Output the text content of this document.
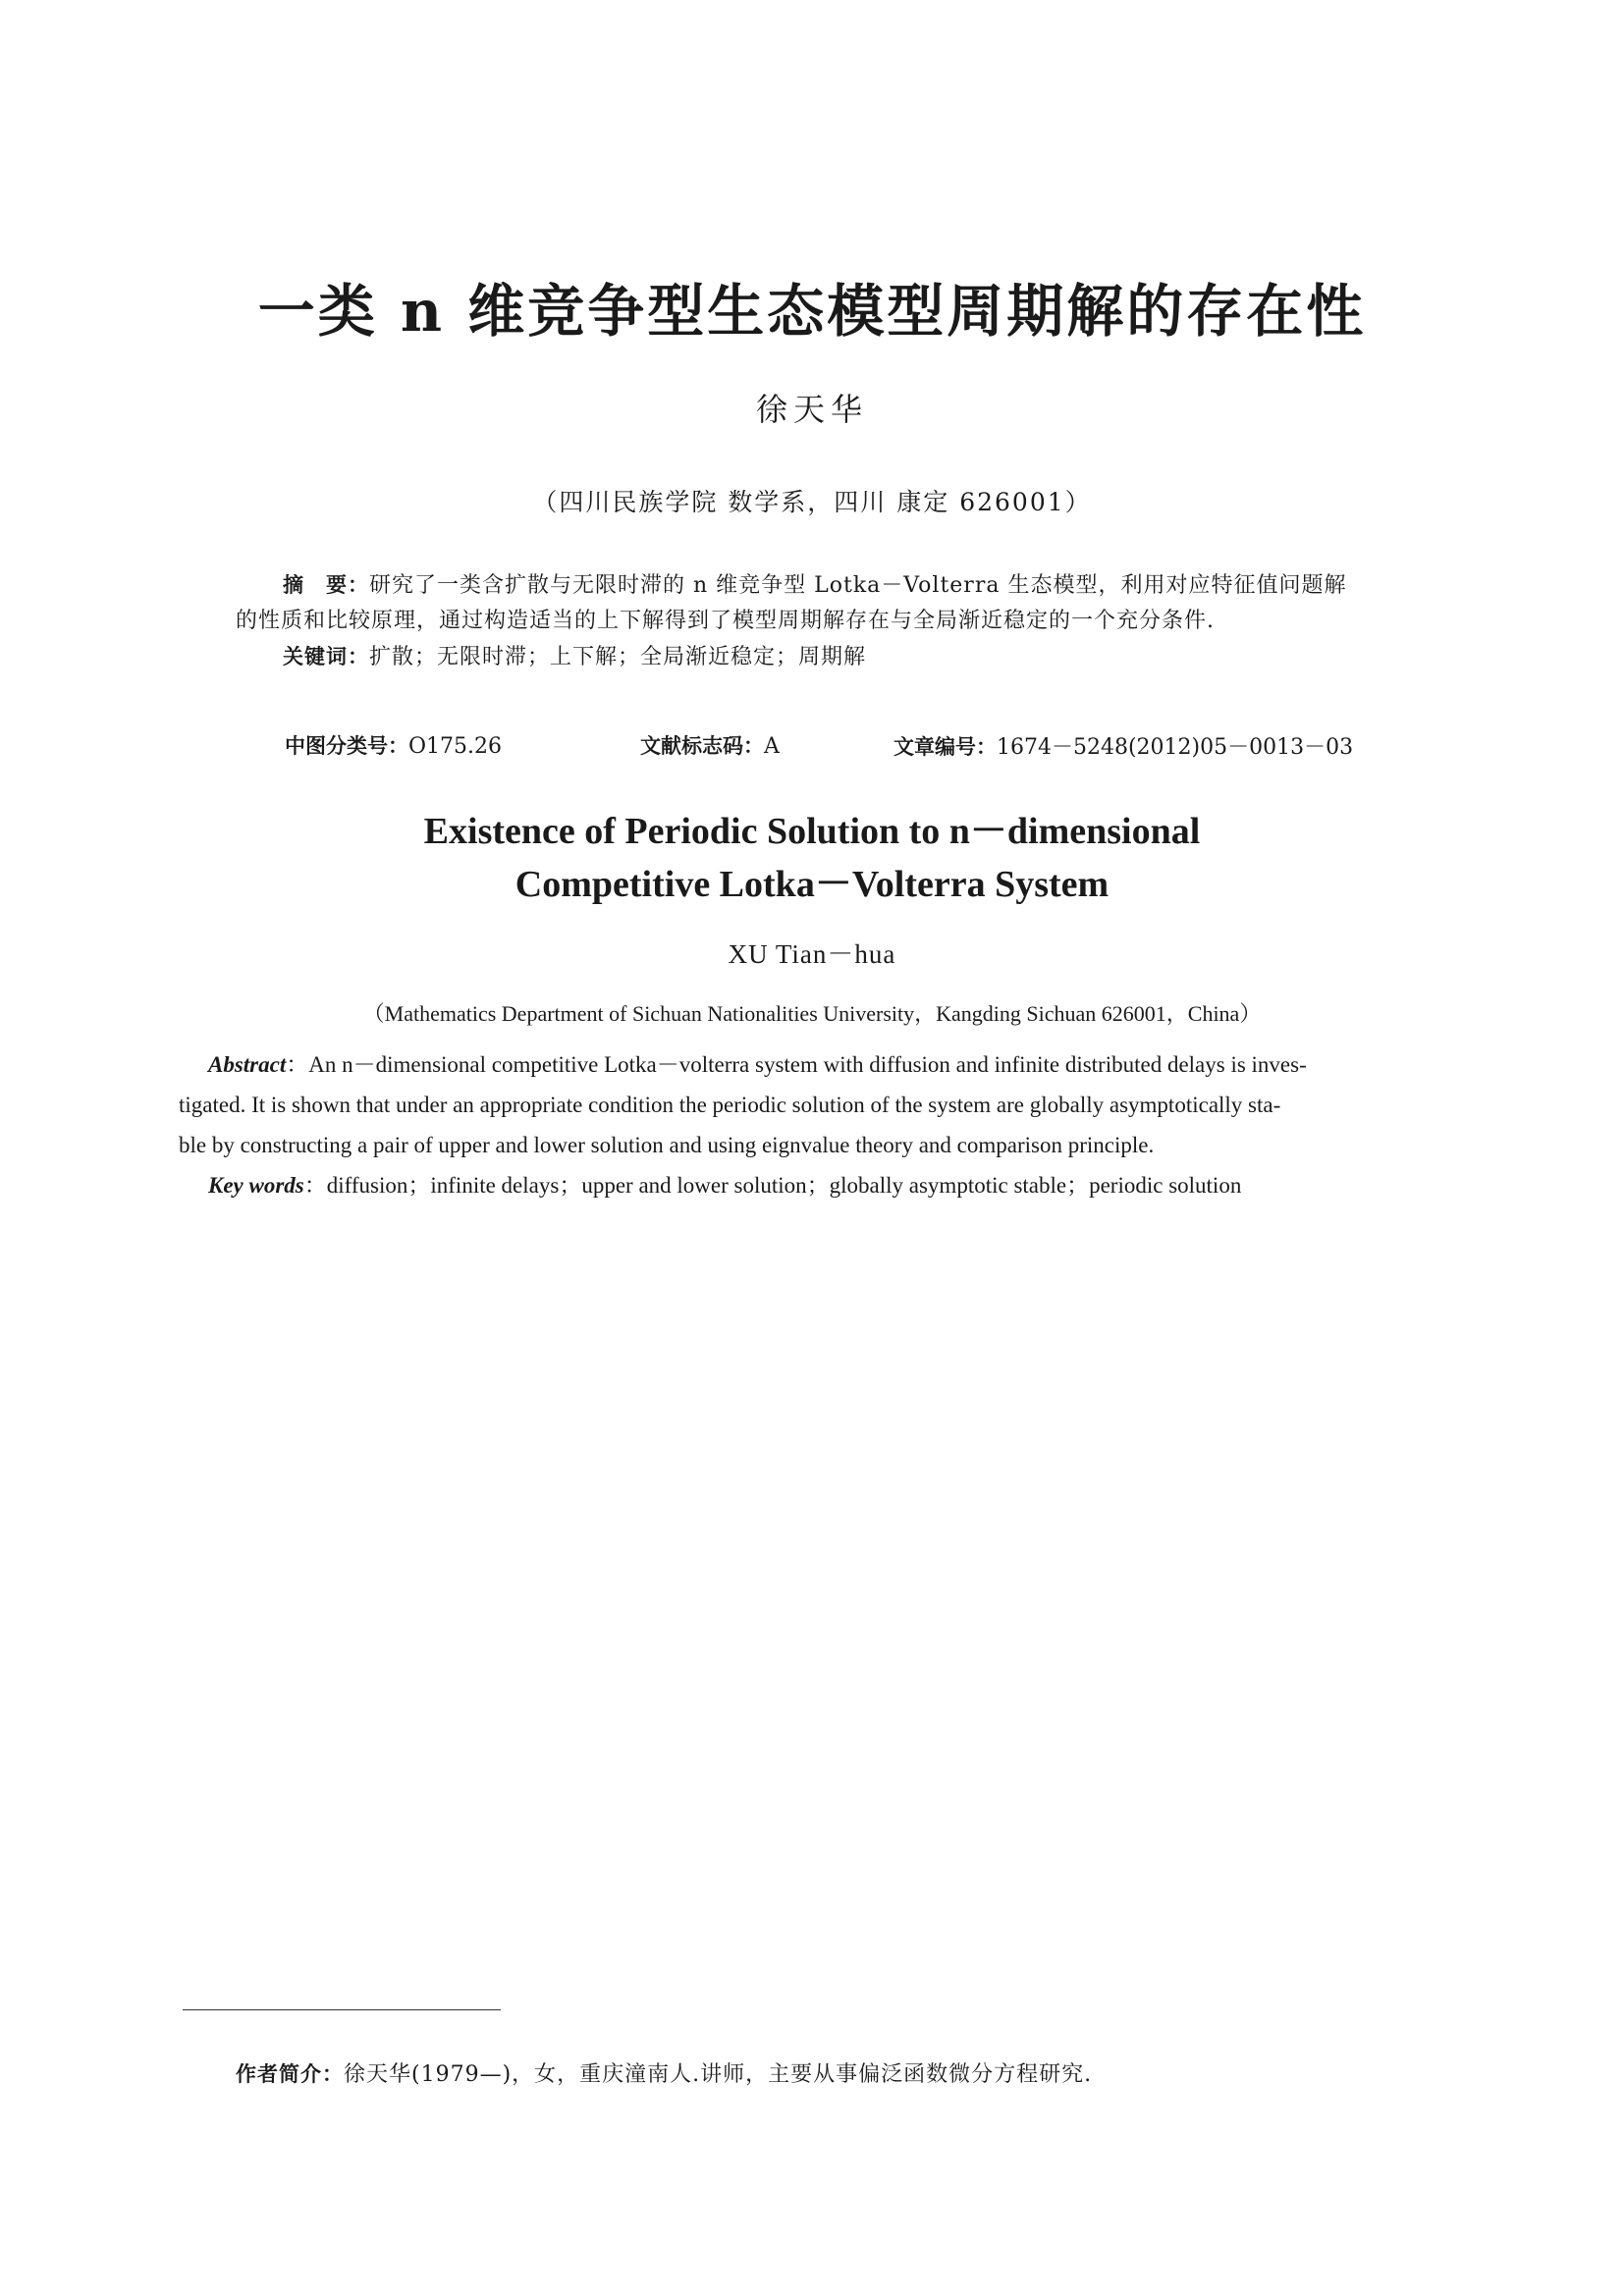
一类 n 维竞争型生态模型周期解的存在性
徐天华
（四川民族学院 数学系，四川 康定 626001）
摘　要：研究了一类含扩散与无限时滞的 n 维竞争型 Lotka－Volterra 生态模型，利用对应特征值问题解
的性质和比较原理，通过构造适当的上下解得到了模型周期解存在与全局渐近稳定的一个充分条件.
关键词：扩散；无限时滞；上下解；全局渐近稳定；周期解
中图分类号：O175.26	文献标志码：A	文章编号：1674－5248(2012)05－0013－03
Existence of Periodic Solution to n－dimensional
Competitive Lotka－Volterra System
XU Tian－hua
（Mathematics Department of Sichuan Nationalities University，Kangding Sichuan 626001，China）
Abstract：An n－dimensional competitive Lotka－volterra system with diffusion and infinite distributed delays is inves-
tigated. It is shown that under an appropriate condition the periodic solution of the system are globally asymptotically sta-
ble by constructing a pair of upper and lower solution and using eignvalue theory and comparison principle.
Key words：diffusion；infinite delays；upper and lower solution；globally asymptotic stable；periodic solution
作者简介：徐天华(1979—)，女，重庆潼南人.讲师，主要从事偏泛函数微分方程研究.
